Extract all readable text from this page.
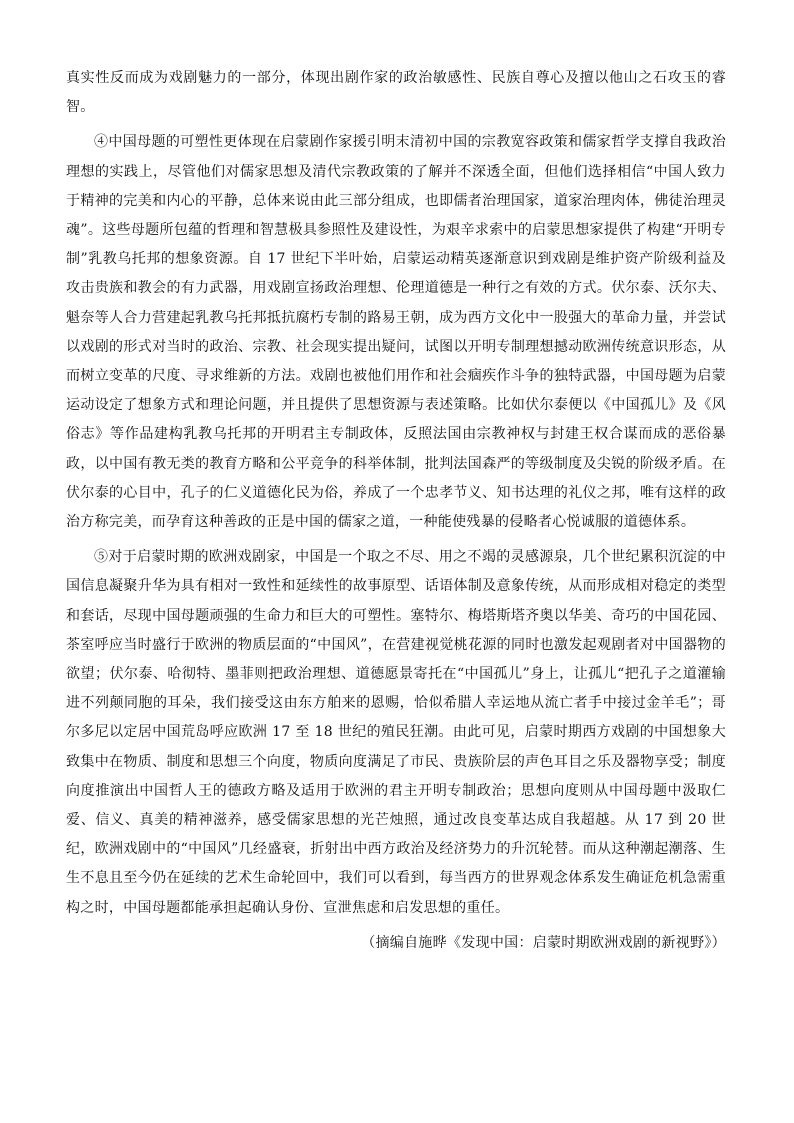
真实性反而成为戏剧魅力的一部分，体现出剧作家的政治敏感性、民族自尊心及擅以他山之石攻玉的睿智。

④中国母题的可塑性更体现在启蒙剧作家援引明末清初中国的宗教宽容政策和儒家哲学支撑自我政治理想的实践上，尽管他们对儒家思想及清代宗教政策的了解并不深透全面，但他们选择相信“中国人致力于精神的完美和内心的平静，总体来说由此三部分组成，也即儒者治理国家，道家治理肉体，佛徒治理灵魂”。这些母题所包蕴的哲理和智慧极具参照性及建设性，为艰辛求索中的启蒙思想家提供了构建“开明专制”乳教乌托邦的想象资源。自 17 世纪下半叶始，启蒙运动精英逐渐意识到戏剧是维护资产阶级利益及攻击贵族和教会的有力武器，用戏剧宣扬政治理想、伦理道德是一种行之有效的方式。伏尔泰、沃尔夫、魁奈等人合力营建起乳教乌托邦抵抗腐朽专制的路易王朝，成为西方文化中一股强大的革命力量，并尝试以戏剧的形式对当时的政治、宗教、社会现实提出疑问，试图以开明专制理想撼动欧洲传统意识形态，从而树立变革的尺度、寻求维新的方法。戏剧也被他们用作和社会痼疾作斗争的独特武器，中国母题为启蒙运动设定了想象方式和理论问题，并且提供了思想资源与表述策略。比如伏尔泰便以《中国孤儿》及《风俗志》等作品建构乳教乌托邦的开明君主专制政体，反照法国由宗教神权与封建王权合谋而成的恶俗暴政，以中国有教无类的教育方略和公平竞争的科举体制，批判法国森严的等级制度及尖锐的阶级矛盾。在伏尔泰的心目中，孔子的仁义道德化民为俗，养成了一个忠孝节义、知书达理的礼仪之邦，唯有这样的政治方称完美，而孕育这种善政的正是中国的儒家之道，一种能使残暴的侵略者心悦诚服的道德体系。

⑤对于启蒙时期的欧洲戏剧家，中国是一个取之不尽、用之不竭的灵感源泉，几个世纪累积沉淀的中国信息凝聚升华为具有相对一致性和延续性的故事原型、话语体制及意象传统，从而形成相对稳定的类型和套话，尽现中国母题顽强的生命力和巨大的可塑性。塞特尔、梅塔斯塔齐奥以华美、奇巧的中国花园、茶室呼应当时盛行于欧洲的物质层面的“中国风”，在营建视觉桃花源的同时也激发起观剧者对中国器物的欲望；伏尔泰、哈彻特、墨菲则把政治理想、道德愿景寄托在“中国孤儿”身上，让孤儿“把孔子之道灌输进不列颠同胞的耳朵，我们接受这由东方舶来的恩赐，恰似希腊人幸运地从流亡者手中接过金羊毛”；哥尔多尼以定居中国荒岛呼应欧洲 17 至 18 世纪的殖民狂潮。由此可见，启蒙时期西方戏剧的中国想象大致集中在物质、制度和思想三个向度，物质向度满足了市民、贵族阶层的声色耳目之乐及器物享受；制度向度推演出中国哲人王的德政方略及适用于欧洲的君主开明专制政治；思想向度则从中国母题中汲取仁爱、信义、真美的精神滋养，感受儒家思想的光芒烛照，通过改良变革达成自我超越。从 17 到 20 世纪，欧洲戏剧中的“中国风”几经盛衰，折射出中西方政治及经济势力的升沉轮替。而从这种潮起潮落、生生不息且至今仍在延续的艺术生命轮回中，我们可以看到，每当西方的世界观念体系发生确证危机急需重构之时，中国母题都能承担起确认身份、宣泄焦虑和启发思想的重任。

（摘编自施晔《发现中国：启蒙时期欧洲戏剧的新视野》）
